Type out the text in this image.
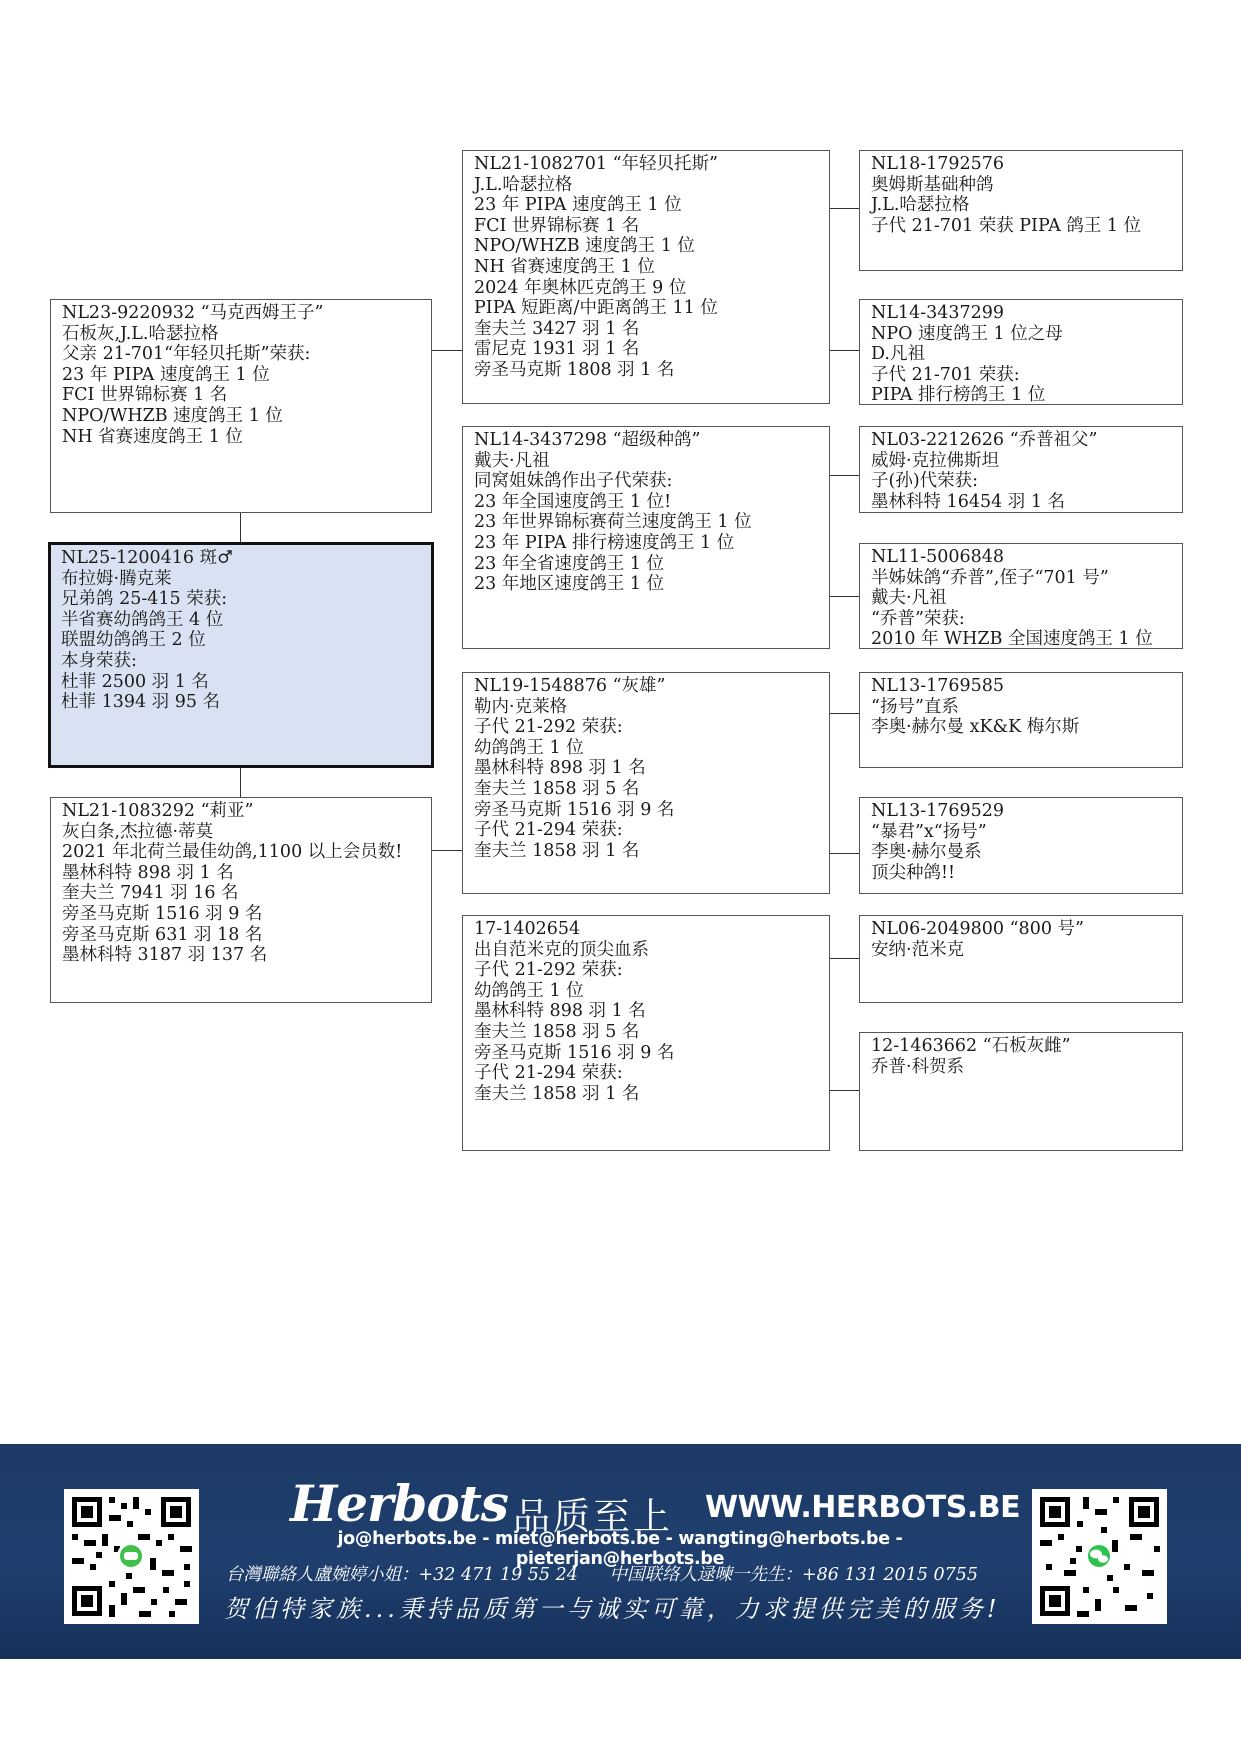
NL23-9220932 “马克西姆王子”
石板灰,J.L.哈瑟拉格
父亲 21-701“年轻贝托斯”荣获:
23 年 PIPA 速度鸽王 1 位
FCI 世界锦标赛 1 名
NPO/WHZB 速度鸽王 1 位
NH 省赛速度鸽王 1 位
NL25-1200416 斑♂
布拉姆·腾克莱
兄弟鸽 25-415 荣获:
半省赛幼鸽鸽王 4 位
联盟幼鸽鸽王 2 位
本身荣获:
杜菲 2500 羽 1 名
杜菲 1394 羽 95 名
NL21-1083292 “莉亚”
灰白条,杰拉德·蒂莫
2021 年北荷兰最佳幼鸽,1100 以上会员数!
墨林科特 898 羽 1 名
奎夫兰 7941 羽 16 名
旁圣马克斯 1516 羽 9 名
旁圣马克斯 631 羽 18 名
墨林科特 3187 羽 137 名
NL21-1082701 “年轻贝托斯”
J.L.哈瑟拉格
23 年 PIPA 速度鸽王 1 位
FCI 世界锦标赛 1 名
NPO/WHZB 速度鸽王 1 位
NH 省赛速度鸽王 1 位
2024 年奥林匹克鸽王 9 位
PIPA 短距离/中距离鸽王 11 位
奎夫兰 3427 羽 1 名
雷尼克 1931 羽 1 名
旁圣马克斯 1808 羽 1 名
NL14-3437298 “超级种鸽”
戴夫·凡祖
同窝姐妹鸽作出子代荣获:
23 年全国速度鸽王 1 位!
23 年世界锦标赛荷兰速度鸽王 1 位
23 年 PIPA 排行榜速度鸽王 1 位
23 年全省速度鸽王 1 位
23 年地区速度鸽王 1 位
NL19-1548876 “灰雄”
勒内·克莱格
子代 21-292 荣获:
幼鸽鸽王 1 位
墨林科特 898 羽 1 名
奎夫兰 1858 羽 5 名
旁圣马克斯 1516 羽 9 名
子代 21-294 荣获:
奎夫兰 1858 羽 1 名
17-1402654
出自范米克的顶尖血系
子代 21-292 荣获:
幼鸽鸽王 1 位
墨林科特 898 羽 1 名
奎夫兰 1858 羽 5 名
旁圣马克斯 1516 羽 9 名
子代 21-294 荣获:
奎夫兰 1858 羽 1 名
NL18-1792576
奥姆斯基础种鸽
J.L.哈瑟拉格
子代 21-701 荣获 PIPA 鸽王 1 位
NL14-3437299
NPO 速度鸽王 1 位之母
D.凡祖
子代 21-701 荣获:
PIPA 排行榜鸽王 1 位
NL03-2212626 “乔普祖父”
威姆·克拉佛斯坦
子(孙)代荣获:
墨林科特 16454 羽 1 名
NL11-5006848
半姊妹鸽“乔普”,侄子“701 号”
戴夫·凡祖
“乔普”荣获:
2010 年 WHZB 全国速度鸽王 1 位
NL13-1769585
“扬号”直系
李奥·赫尔曼 xK&K 梅尔斯
NL13-1769529
“暴君”x“扬号”
李奥·赫尔曼系
顶尖种鸽!!
NL06-2049800 “800 号”
安纳·范米克
12-1463662 “石板灰雌”
乔普·科贺系
Herbots 品质至上 WWW.HERBOTS.BE
jo@herbots.be - miet@herbots.be - wangting@herbots.be - pieterjan@herbots.be
台灣聯絡人盧婉婷小姐：+32 471 19 55 24 中国联络人逯暕一先生：+86 131 2015 0755
贺伯特家族...秉持品质第一与诚实可靠，力求提供完美的服务!
